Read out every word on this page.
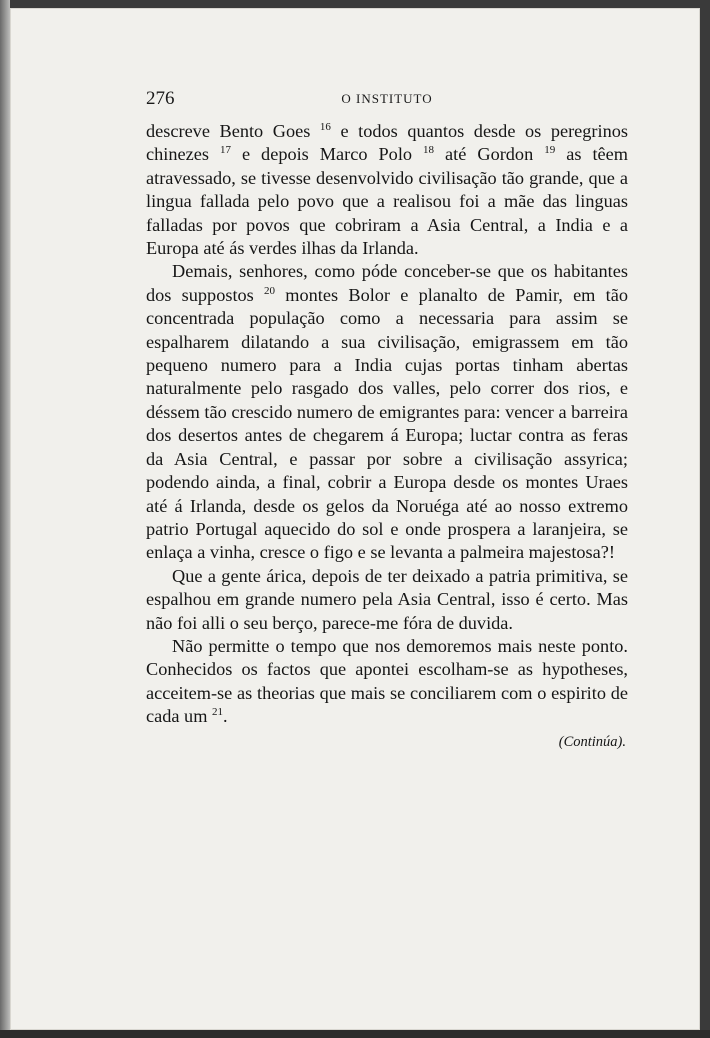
276	O INSTITUTO

descreve Bento Goes $^{16}$ e todos quantos desde os peregrinos chinezes $^{17}$ e depois Marco Polo $^{18}$ até Gordon $^{19}$ as têem atravessado, se tivesse desenvolvido civilisação tão grande, que a lingua fallada pelo povo que a realisou foi a mãe das linguas falladas por povos que cobriram a Asia Central, a India e a Europa até ás verdes ilhas da Irlanda.

Demais, senhores, como póde conceber-se que os habitantes dos suppostos $^{20}$ montes Bolor e planalto de Pamir, em tão concentrada população como a necessaria para assim se espalharem dilatando a sua civilisação, emigrassem em tão pequeno numero para a India cujas portas tinham abertas naturalmente pelo rasgado dos valles, pelo correr dos rios, e déssem tão crescido numero de emigrantes para: vencer a barreira dos desertos antes de chegarem á Europa; luctar contra as feras da Asia Central, e passar por sobre a civilisação assyrica; podendo ainda, a final, cobrir a Europa desde os montes Uraes até á Irlanda, desde os gelos da Noruéga até ao nosso extremo patrio Portugal aquecido do sol e onde prospera a laranjeira, se enlaça a vinha, cresce o figo e se levanta a palmeira majestosa?!

Que a gente árica, depois de ter deixado a patria primitiva, se espalhou em grande numero pela Asia Central, isso é certo. Mas não foi alli o seu berço, parece-me fóra de duvida.

Não permitte o tempo que nos demoremos mais neste ponto. Conhecidos os factos que apontei escolham-se as hypotheses, acceitem-se as theorias que mais se conciliarem com o espirito de cada um $^{21}$.

(Continúa).
